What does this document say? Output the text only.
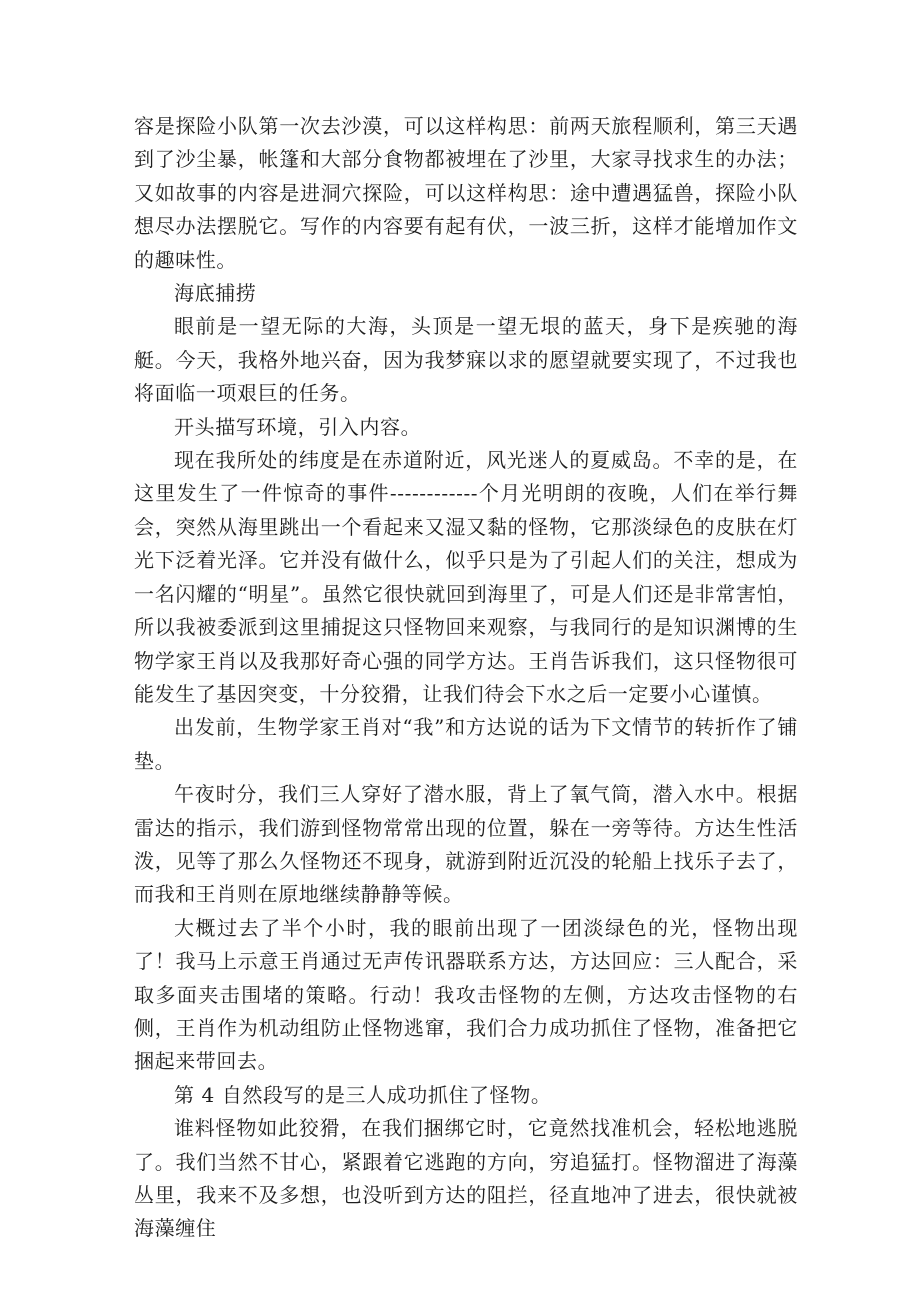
容是探险小队第一次去沙漠，可以这样构思：前两天旅程顺利，第三天遇到了沙尘暴，帐篷和大部分食物都被埋在了沙里，大家寻找求生的办法；又如故事的内容是进洞穴探险，可以这样构思：途中遭遇猛兽，探险小队想尽办法摆脱它。写作的内容要有起有伏，一波三折，这样才能增加作文的趣味性。

海底捕捞

眼前是一望无际的大海，头顶是一望无垠的蓝天，身下是疾驰的海艇。今天，我格外地兴奋，因为我梦寐以求的愿望就要实现了，不过我也将面临一项艰巨的任务。

开头描写环境，引入内容。

现在我所处的纬度是在赤道附近，风光迷人的夏威岛。不幸的是，在这里发生了一件惊奇的事件------------个月光明朗的夜晚，人们在举行舞会，突然从海里跳出一个看起来又湿又黏的怪物，它那淡绿色的皮肤在灯光下泛着光泽。它并没有做什么，似乎只是为了引起人们的关注，想成为一名闪耀的“明星”。虽然它很快就回到海里了，可是人们还是非常害怕，所以我被委派到这里捕捉这只怪物回来观察，与我同行的是知识渊博的生物学家王肖以及我那好奇心强的同学方达。王肖告诉我们，这只怪物很可能发生了基因突变，十分狡猾，让我们待会下水之后一定要小心谨慎。

出发前，生物学家王肖对“我”和方达说的话为下文情节的转折作了铺垫。

午夜时分，我们三人穿好了潜水服，背上了氧气筒，潜入水中。根据雷达的指示，我们游到怪物常常出现的位置，躲在一旁等待。方达生性活泼，见等了那么久怪物还不现身，就游到附近沉没的轮船上找乐子去了，而我和王肖则在原地继续静静等候。

大概过去了半个小时，我的眼前出现了一团淡绿色的光，怪物出现了！我马上示意王肖通过无声传讯器联系方达，方达回应：三人配合，采取多面夹击围堵的策略。行动！我攻击怪物的左侧，方达攻击怪物的右侧，王肖作为机动组防止怪物逃窜，我们合力成功抓住了怪物，准备把它捆起来带回去。

第 4 自然段写的是三人成功抓住了怪物。

谁料怪物如此狡猾，在我们捆绑它时，它竟然找准机会，轻松地逃脱了。我们当然不甘心，紧跟着它逃跑的方向，穷追猛打。怪物溜进了海藻丛里，我来不及多想，也没听到方达的阻拦，径直地冲了进去，很快就被海藻缠住
